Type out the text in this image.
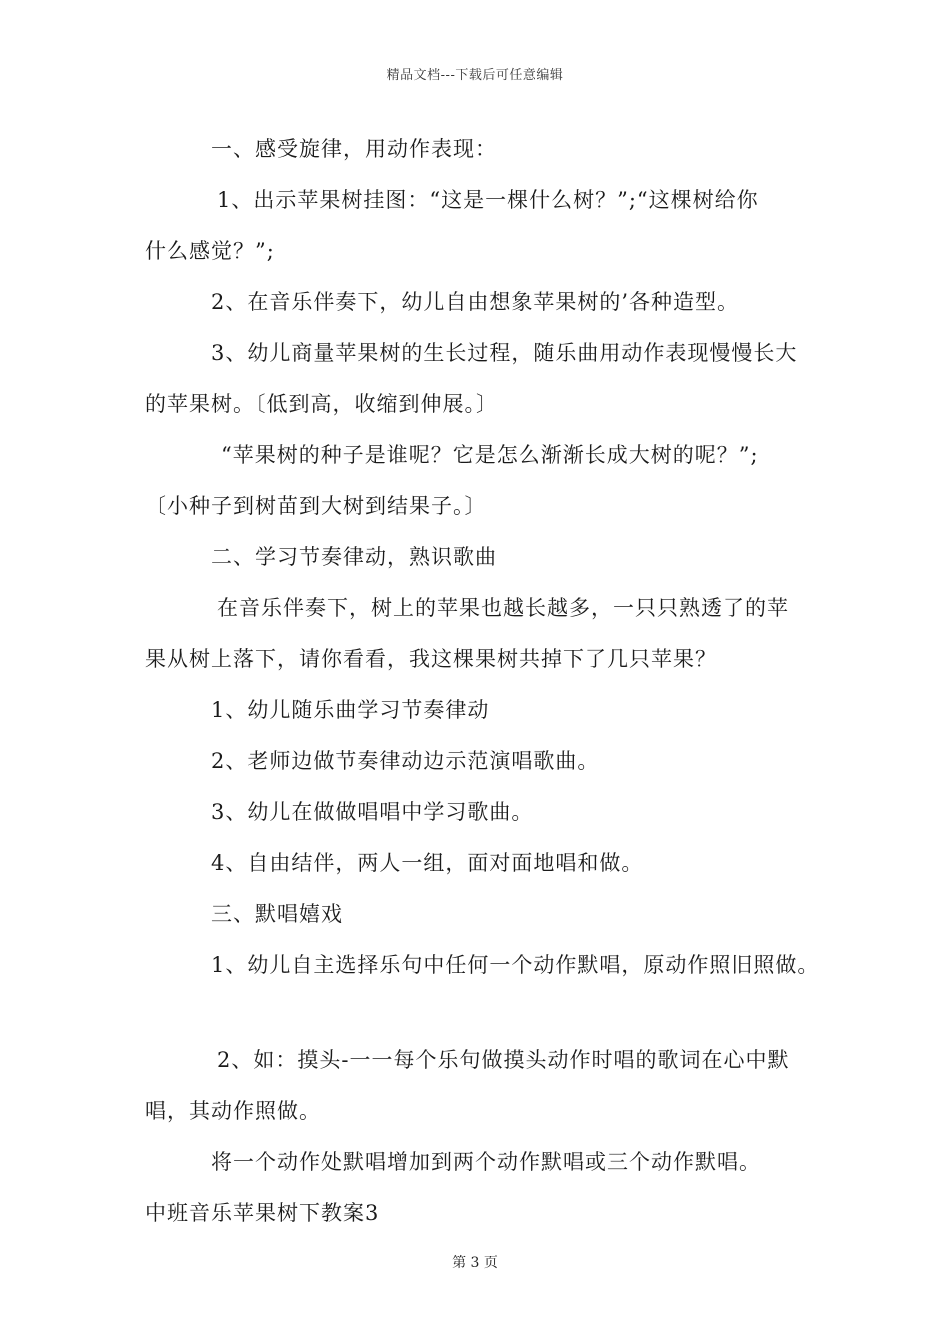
精品文档---下载后可任意编辑
一、感受旋律，用动作表现：
1、出示苹果树挂图：“这是一棵什么树？”;“这棵树给你
什么感觉？”;
2、在音乐伴奏下，幼儿自由想象苹果树的’各种造型。
3、幼儿商量苹果树的生长过程，随乐曲用动作表现慢慢长大
的苹果树。〔低到高，收缩到伸展。〕
“苹果树的种子是谁呢？它是怎么渐渐长成大树的呢？”;
〔小种子到树苗到大树到结果子。〕
二、学习节奏律动，熟识歌曲
在音乐伴奏下，树上的苹果也越长越多，一只只熟透了的苹
果从树上落下，请你看看，我这棵果树共掉下了几只苹果？
1、幼儿随乐曲学习节奏律动
2、老师边做节奏律动边示范演唱歌曲。
3、幼儿在做做唱唱中学习歌曲。
4、自由结伴，两人一组，面对面地唱和做。
三、默唱嬉戏
1、幼儿自主选择乐句中任何一个动作默唱，原动作照旧照做。
2、如：摸头-一一每个乐句做摸头动作时唱的歌词在心中默
唱，其动作照做。
将一个动作处默唱增加到两个动作默唱或三个动作默唱。
中班音乐苹果树下教案3
第 3 页
